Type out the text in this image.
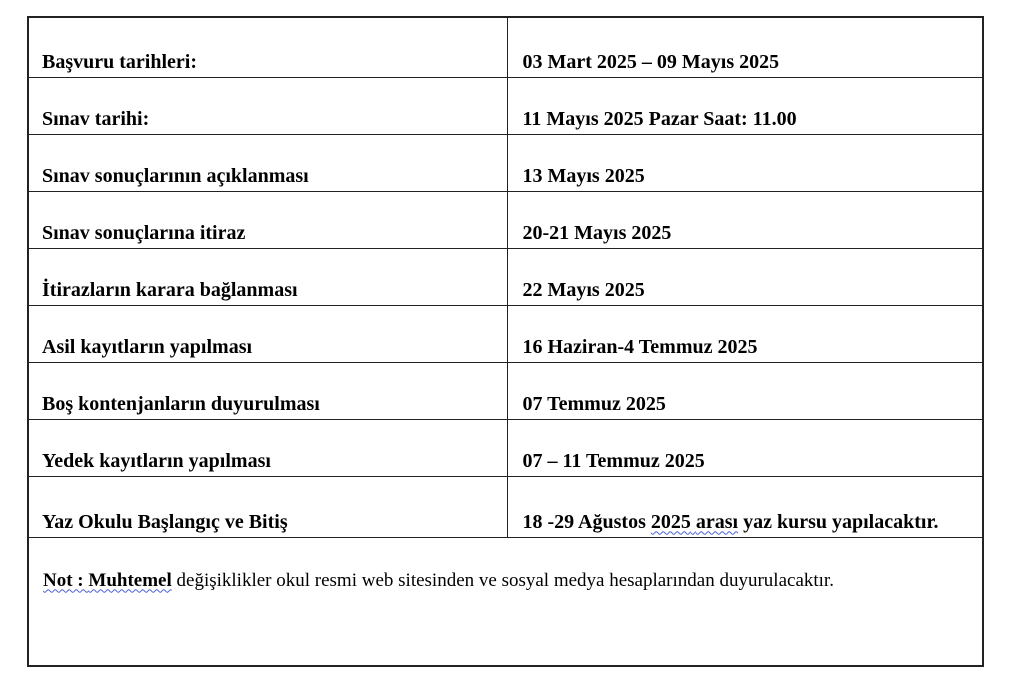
Başvuru tarihleri:	03 Mart 2025 – 09 Mayıs 2025
Sınav tarihi:	11 Mayıs 2025 Pazar Saat: 11.00
Sınav sonuçlarının açıklanması	13 Mayıs 2025
Sınav sonuçlarına itiraz	20-21 Mayıs 2025
İtirazların karara bağlanması	22 Mayıs 2025
Asil kayıtların yapılması	16 Haziran-4 Temmuz 2025
Boş kontenjanların duyurulması	07 Temmuz 2025
Yedek kayıtların yapılması	07 – 11 Temmuz 2025
Yaz Okulu Başlangıç ve Bitiş	18 -29 Ağustos 2025 arası yaz kursu yapılacaktır.
Not : Muhtemel değişiklikler okul resmi web sitesinden ve sosyal medya hesaplarından duyurulacaktır.
